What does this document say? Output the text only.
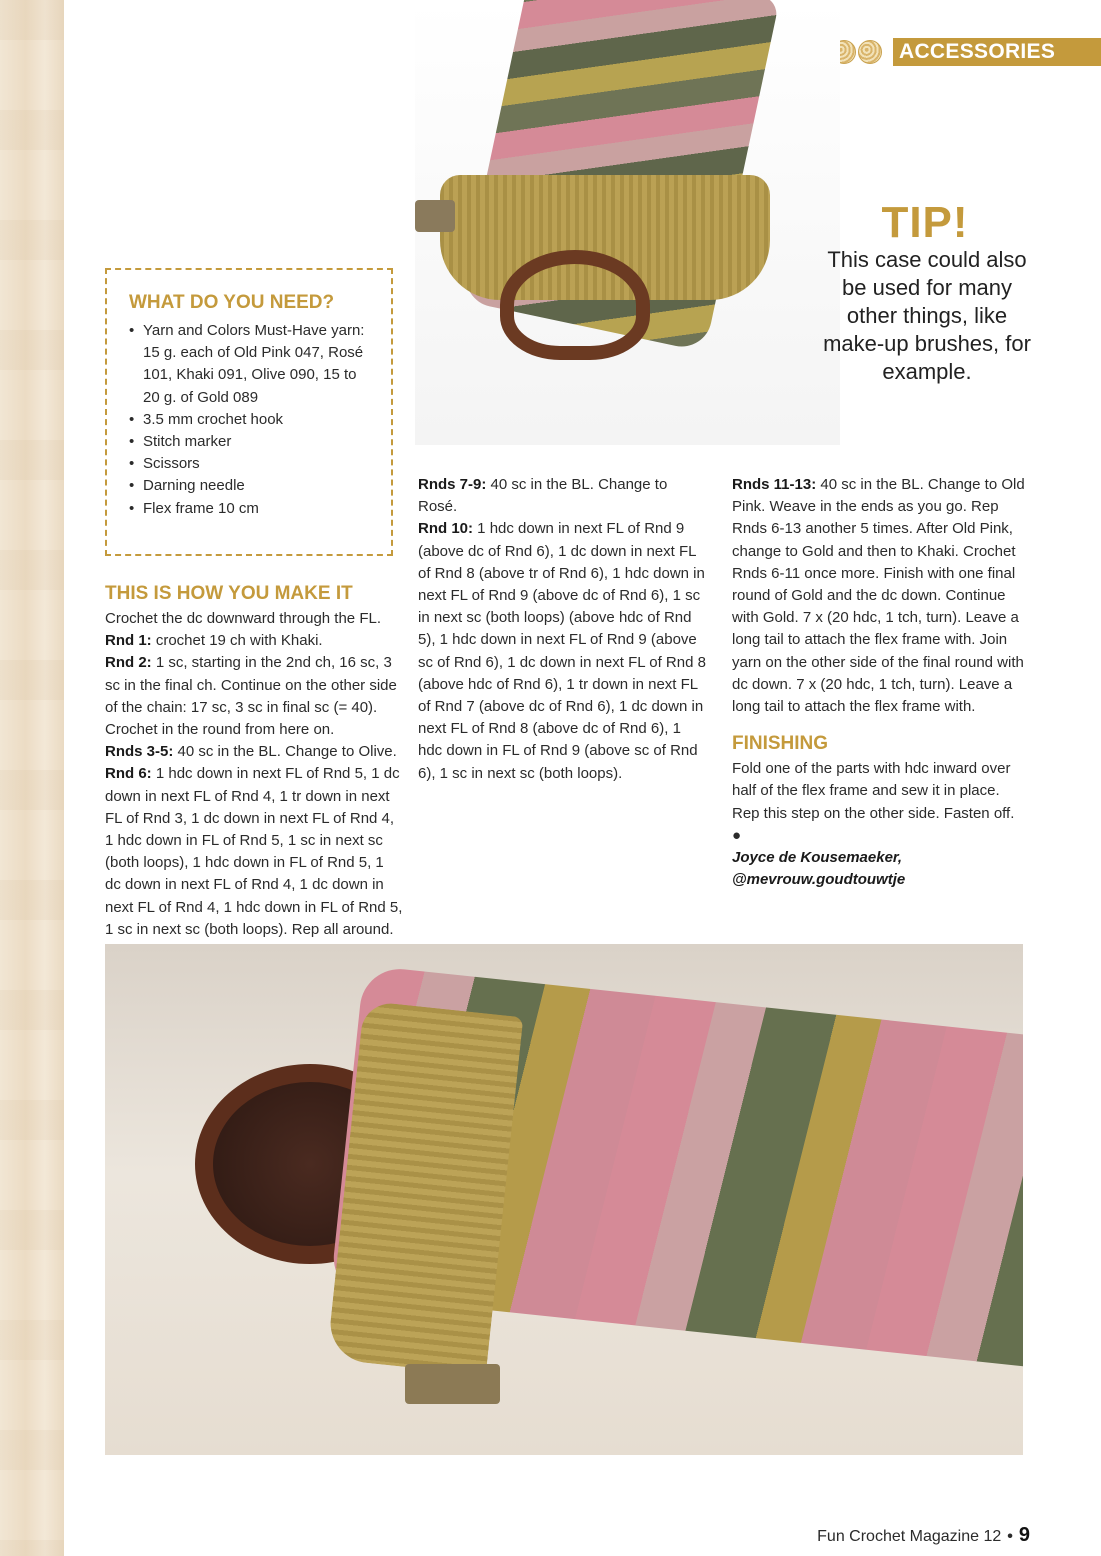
ACCESSORIES
TIP!
This case could also be used for many other things, like make-up brushes, for example.
WHAT DO YOU NEED?
• Yarn and Colors Must-Have yarn: 15 g. each of Old Pink 047, Rosé 101, Khaki 091, Olive 090, 15 to 20 g. of Gold 089
• 3.5 mm crochet hook
• Stitch marker
• Scissors
• Darning needle
• Flex frame 10 cm
THIS IS HOW YOU MAKE IT

Crochet the dc downward through the FL.

Rnd 1: crochet 19 ch with Khaki.

Rnd 2: 1 sc, starting in the 2nd ch, 16 sc, 3 sc in the final ch. Continue on the other side of the chain: 17 sc, 3 sc in final sc (= 40).

Crochet in the round from here on.

Rnds 3-5: 40 sc in the BL. Change to Olive.

Rnd 6: 1 hdc down in next FL of Rnd 5, 1 dc down in next FL of Rnd 4, 1 tr down in next FL of Rnd 3, 1 dc down in next FL of Rnd 4, 1 hdc down in FL of Rnd 5, 1 sc in next sc (both loops), 1 hdc down in FL of Rnd 5, 1 dc down in next FL of Rnd 4, 1 dc down in next FL of Rnd 4, 1 hdc down in FL of Rnd 5, 1 sc in next sc (both loops). Rep all around.

Rnds 7-9: 40 sc in the BL. Change to Rosé.

Rnd 10: 1 hdc down in next FL of Rnd 9 (above dc of Rnd 6), 1 dc down in next FL of Rnd 8 (above tr of Rnd 6), 1 hdc down in next FL of Rnd 9 (above dc of Rnd 6), 1 sc in next sc (both loops) (above hdc of Rnd 5), 1 hdc down in next FL of Rnd 9 (above sc of Rnd 6), 1 dc down in next FL of Rnd 8 (above hdc of Rnd 6), 1 tr down in next FL of Rnd 7 (above dc of Rnd 6), 1 dc down in next FL of Rnd 8 (above dc of Rnd 6), 1 hdc down in FL of Rnd 9 (above sc of Rnd 6), 1 sc in next sc (both loops).

Rnds 11-13: 40 sc in the BL. Change to Old Pink. Weave in the ends as you go. Rep Rnds 6-13 another 5 times. After Old Pink, change to Gold and then to Khaki. Crochet Rnds 6-11 once more. Finish with one final round of Gold and the dc down. Continue with Gold. 7 x (20 hdc, 1 tch, turn). Leave a long tail to attach the flex frame with. Join yarn on the other side of the final round with dc down. 7 x (20 hdc, 1 tch, turn). Leave a long tail to attach the flex frame with.

FINISHING

Fold one of the parts with hdc inward over half of the flex frame and sew it in place. Rep this step on the other side. Fasten off. ●

Joyce de Kousemaeker,

@mevrouw.goudtouwtje

Fun Crochet Magazine 12 • 9
